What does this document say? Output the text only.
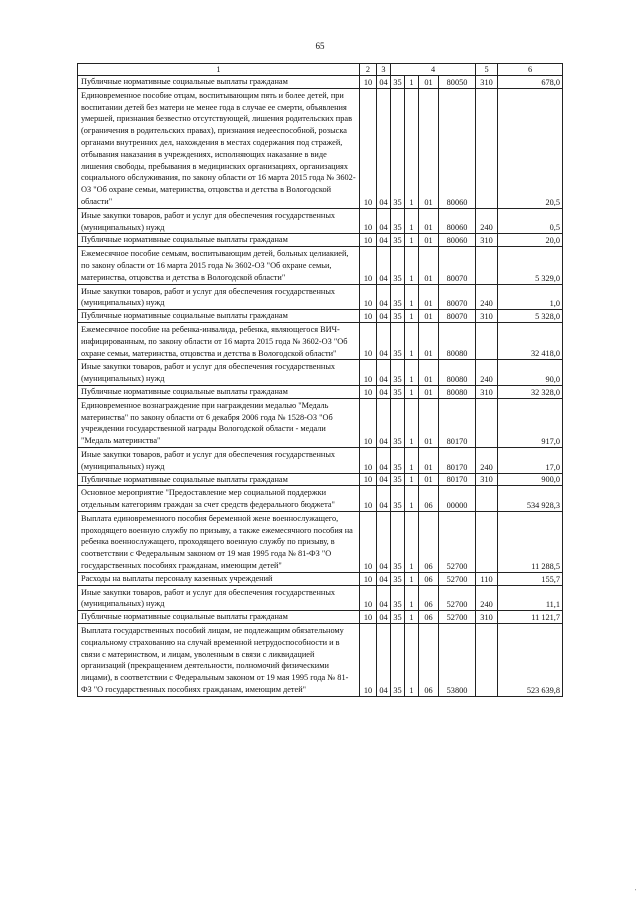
65
1	2	3	4				5	6
Публичные нормативные социальные выплаты гражданам	10	04	35	1	01	80050	310	678,0
Единовременное пособие отцам, воспитывающим пять и более детей, при воспитании детей без матери не менее года в случае ее смерти, объявления умершей, признания безвестно отсутствующей, лишения родительских прав (ограничения в родительских правах), признания недееспособной, розыска органами внутренних дел, нахождения в местах содержания под стражей, отбывания наказания в учреждениях, исполняющих наказание в виде лишения свободы, пребывания в медицинских организациях, организациях социального обслуживания, по закону области от 16 марта 2015 года № 3602-ОЗ "Об охране семьи, материнства, отцовства и детства в Вологодской области"	10	04	35	1	01	80060		20,5
Иные закупки товаров, работ и услуг для обеспечения государственных (муниципальных) нужд	10	04	35	1	01	80060	240	0,5
Публичные нормативные социальные выплаты гражданам	10	04	35	1	01	80060	310	20,0
Ежемесячное пособие семьям, воспитывающим детей, больных целиакией, по закону области от 16 марта 2015 года № 3602-ОЗ "Об охране семьи, материнства, отцовства и детства в Вологодской области"	10	04	35	1	01	80070		5 329,0
Иные закупки товаров, работ и услуг для обеспечения государственных (муниципальных) нужд	10	04	35	1	01	80070	240	1,0
Публичные нормативные социальные выплаты гражданам	10	04	35	1	01	80070	310	5 328,0
Ежемесячное пособие на ребенка-инвалида, ребенка, являющегося ВИЧ-инфицированным, по закону области от 16 марта 2015 года № 3602-ОЗ "Об охране семьи, материнства, отцовства и детства в Вологодской области"	10	04	35	1	01	80080		32 418,0
Иные закупки товаров, работ и услуг для обеспечения государственных (муниципальных) нужд	10	04	35	1	01	80080	240	90,0
Публичные нормативные социальные выплаты гражданам	10	04	35	1	01	80080	310	32 328,0
Единовременное вознаграждение при награждении медалью "Медаль материнства" по закону области от 6 декабря 2006 года № 1528-ОЗ "Об учреждении государственной награды Вологодской области - медали "Медаль материнства"	10	04	35	1	01	80170		917,0
Иные закупки товаров, работ и услуг для обеспечения государственных (муниципальных) нужд	10	04	35	1	01	80170	240	17,0
Публичные нормативные социальные выплаты гражданам	10	04	35	1	01	80170	310	900,0
Основное мероприятие "Предоставление мер социальной поддержки отдельным категориям граждан за счет средств федерального бюджета"	10	04	35	1	06	00000		534 928,3
Выплата единовременного пособия беременной жене военнослужащего, проходящего военную службу по призыву, а также ежемесячного пособия на ребенка военнослужащего, проходящего военную службу по призыву, в соответствии с Федеральным законом от 19 мая 1995 года № 81-ФЗ "О государственных пособиях гражданам, имеющим детей"	10	04	35	1	06	52700		11 288,5
Расходы на выплаты персоналу казенных учреждений	10	04	35	1	06	52700	110	155,7
Иные закупки товаров, работ и услуг для обеспечения государственных (муниципальных) нужд	10	04	35	1	06	52700	240	11,1
Публичные нормативные социальные выплаты гражданам	10	04	35	1	06	52700	310	11 121,7
Выплата государственных пособий лицам, не подлежащим обязательному социальному страхованию на случай временной нетрудоспособности и в связи с материнством, и лицам, уволенным в связи с ликвидацией организаций (прекращением деятельности, полномочий физическими лицами), в соответствии с Федеральным законом от 19 мая 1995 года № 81-ФЗ "О государственных пособиях гражданам, имеющим детей"	10	04	35	1	06	53800		523 639,8
'
